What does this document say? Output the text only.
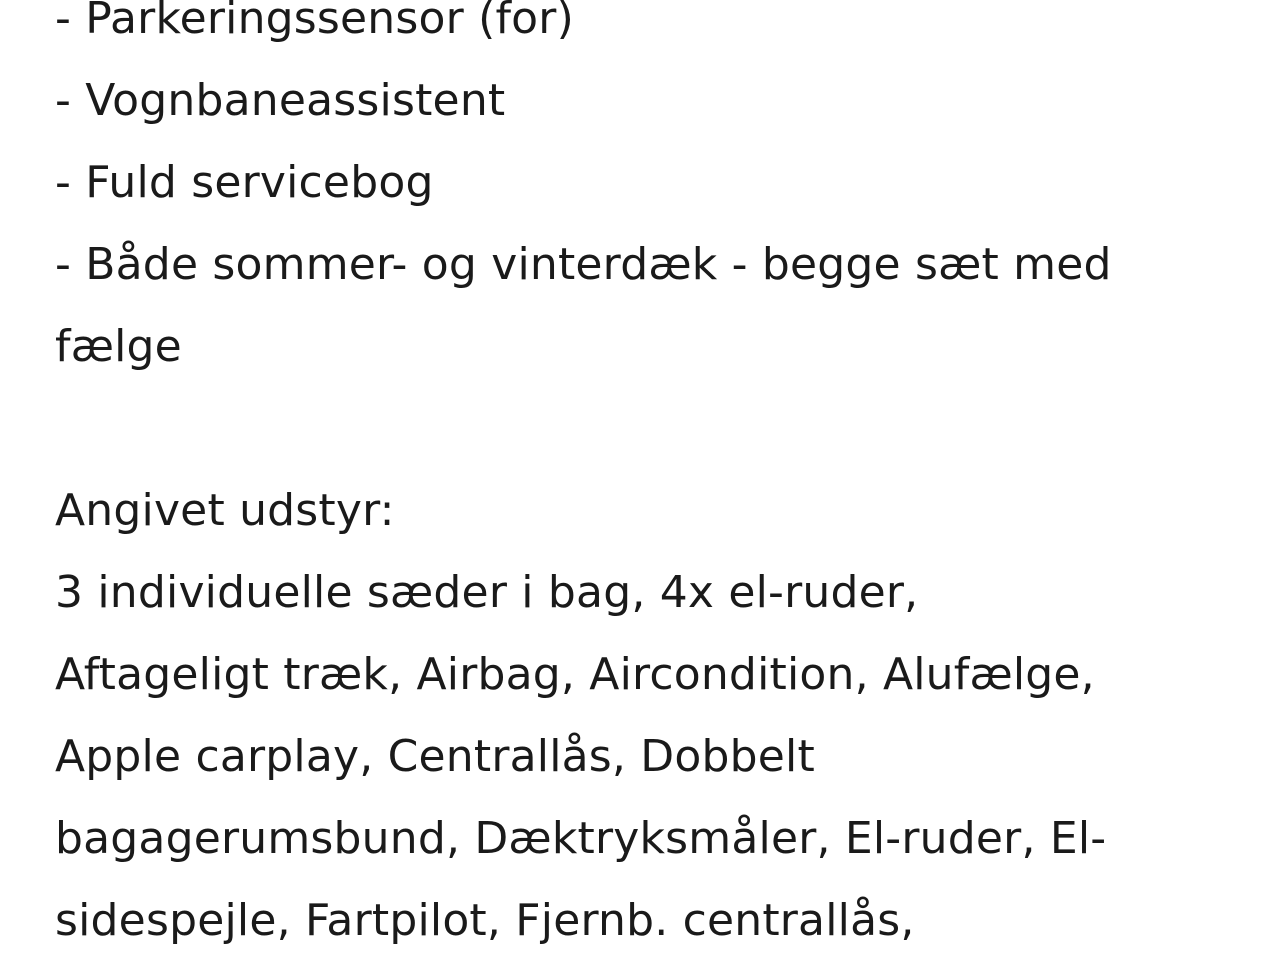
- Parkeringssensor (for)
- Vognbaneassistent
- Fuld servicebog
- Både sommer- og vinterdæk - begge sæt med
fælge
Angivet udstyr:
3 individuelle sæder i bag, 4x el-ruder,
Aftageligt træk, Airbag, Aircondition, Alufælge,
Apple carplay, Centrallås, Dobbelt
bagagerumsbund, Dæktryksmåler, El-ruder, El-
sidespejle, Fartpilot, Fjernb. centrallås,
